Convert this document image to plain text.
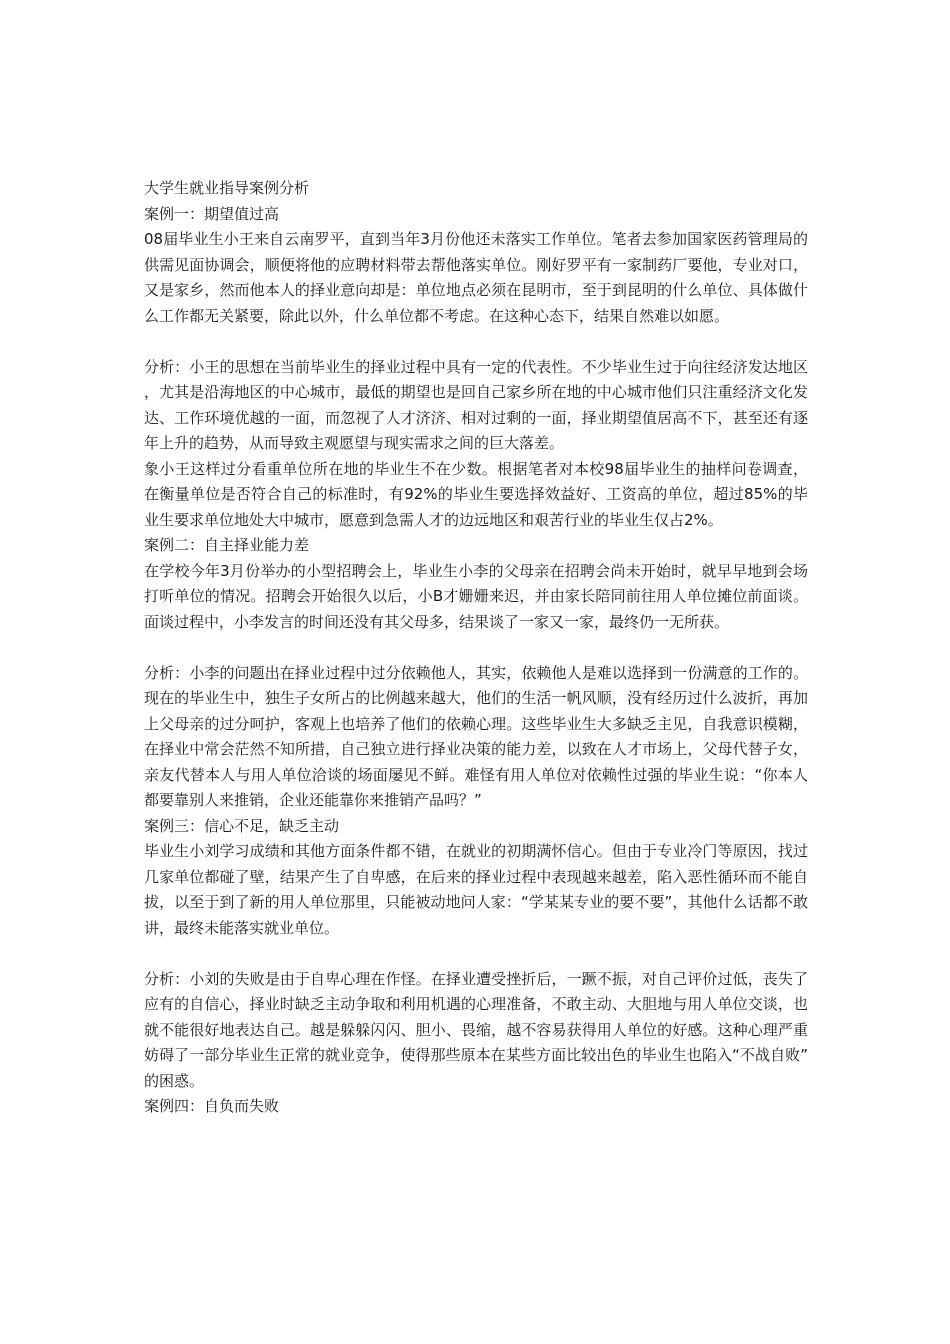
大学生就业指导案例分析
案例一：期望值过高
08届毕业生小王来自云南罗平，直到当年3月份他还未落实工作单位。笔者去参加国家医药管理局的供需见面协调会，顺便将他的应聘材料带去帮他落实单位。刚好罗平有一家制药厂要他，专业对口，又是家乡，然而他本人的择业意向却是：单位地点必须在昆明市，至于到昆明的什么单位、具体做什么工作都无关紧要，除此以外，什么单位都不考虑。在这种心态下，结果自然难以如愿。
分析：小王的思想在当前毕业生的择业过程中具有一定的代表性。不少毕业生过于向往经济发达地区，尤其是沿海地区的中心城市，最低的期望也是回自己家乡所在地的中心城市他们只注重经济文化发达、工作环境优越的一面，而忽视了人才济济、相对过剩的一面，择业期望值居高不下，甚至还有逐年上升的趋势，从而导致主观愿望与现实需求之间的巨大落差。
象小王这样过分看重单位所在地的毕业生不在少数。根据笔者对本校98届毕业生的抽样问卷调查，在衡量单位是否符合自己的标准时，有92%的毕业生要选择效益好、工资高的单位，超过85%的毕业生要求单位地处大中城市，愿意到急需人才的边远地区和艰苦行业的毕业生仅占2%。
案例二：自主择业能力差
在学校今年3月份举办的小型招聘会上，毕业生小李的父母亲在招聘会尚未开始时，就早早地到会场打听单位的情况。招聘会开始很久以后，小B才姗姗来迟，并由家长陪同前往用人单位摊位前面谈。面谈过程中，小李发言的时间还没有其父母多，结果谈了一家又一家，最终仍一无所获。
分析：小李的问题出在择业过程中过分依赖他人，其实，依赖他人是难以选择到一份满意的工作的。现在的毕业生中，独生子女所占的比例越来越大，他们的生活一帆风顺，没有经历过什么波折，再加上父母亲的过分呵护，客观上也培养了他们的依赖心理。这些毕业生大多缺乏主见，自我意识模糊，在择业中常会茫然不知所措，自己独立进行择业决策的能力差，以致在人才市场上，父母代替子女，亲友代替本人与用人单位洽谈的场面屡见不鲜。难怪有用人单位对依赖性过强的毕业生说：“你本人都要靠别人来推销，企业还能靠你来推销产品吗？”
案例三：信心不足，缺乏主动
毕业生小刘学习成绩和其他方面条件都不错，在就业的初期满怀信心。但由于专业冷门等原因，找过几家单位都碰了壁，结果产生了自卑感，在后来的择业过程中表现越来越差，陷入恶性循环而不能自拔，以至于到了新的用人单位那里，只能被动地问人家：“学某某专业的要不要”，其他什么话都不敢讲，最终未能落实就业单位。
分析：小刘的失败是由于自卑心理在作怪。在择业遭受挫折后，一蹶不振，对自己评价过低，丧失了应有的自信心，择业时缺乏主动争取和利用机遇的心理准备，不敢主动、大胆地与用人单位交谈，也就不能很好地表达自己。越是躲躲闪闪、胆小、畏缩，越不容易获得用人单位的好感。这种心理严重妨碍了一部分毕业生正常的就业竞争，使得那些原本在某些方面比较出色的毕业生也陷入“不战自败”的困惑。
案例四：自负而失败
